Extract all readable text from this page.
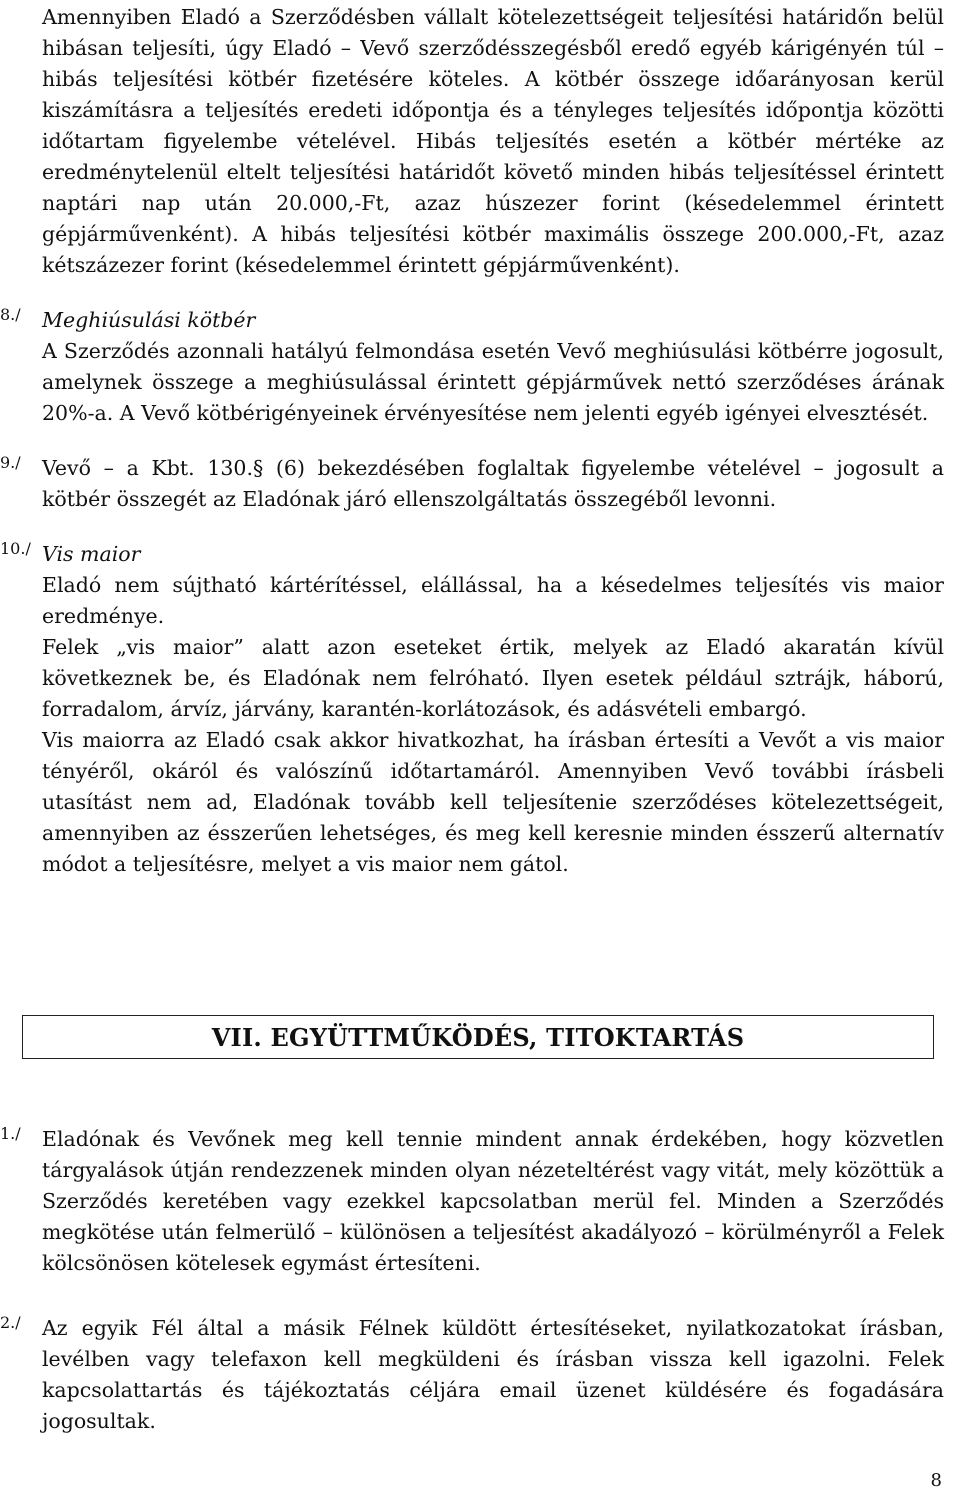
Amennyiben Eladó a Szerződésben vállalt kötelezettségeit teljesítési határidőn belül hibásan teljesíti, úgy Eladó – Vevő szerződésszegésből eredő egyéb kárigényén túl – hibás teljesítési kötbér fizetésére köteles. A kötbér összege időarányosan kerül kiszámításra a teljesítés eredeti időpontja és a tényleges teljesítés időpontja közötti időtartam figyelembe vételével. Hibás teljesítés esetén a kötbér mértéke az eredménytelenül eltelt teljesítési határidőt követő minden hibás teljesítéssel érintett naptári nap után 20.000,-Ft, azaz húszezer forint (késedelemmel érintett gépjárművenként). A hibás teljesítési kötbér maximális összege 200.000,-Ft, azaz kétszázezer forint (késedelemmel érintett gépjárművenként).

8./	Meghiúsulási kötbér

A Szerződés azonnali hatályú felmondása esetén Vevő meghiúsulási kötbérre jogosult, amelynek összege a meghiúsulással érintett gépjárművek nettó szerződéses árának 20%-a. A Vevő kötbérigényeinek érvényesítése nem jelenti egyéb igényei elvesztését.

9./	Vevő – a Kbt. 130.§ (6) bekezdésében foglaltak figyelembe vételével – jogosult a kötbér összegét az Eladónak járó ellenszolgáltatás összegéből levonni.

10./ Vis maior

Eladó nem sújtható kártérítéssel, elállással, ha a késedelmes teljesítés vis maior eredménye.

Felek „vis maior” alatt azon eseteket értik, melyek az Eladó akaratán kívül következnek be, és Eladónak nem felróható. Ilyen esetek például sztrájk, háború, forradalom, árvíz, járvány, karantén-korlátozások, és adásvételi embargó.

Vis maiorra az Eladó csak akkor hivatkozhat, ha írásban értesíti a Vevőt a vis maior tényéről, okáról és valószínű időtartamáról. Amennyiben Vevő további írásbeli utasítást nem ad, Eladónak tovább kell teljesítenie szerződéses kötelezettségeit, amennyiben az ésszerűen lehetséges, és meg kell keresnie minden ésszerű alternatív módot a teljesítésre, melyet a vis maior nem gátol.

VII. EGYÜTTMŰKÖDÉS, TITOKTARTÁS
1./	Eladónak és Vevőnek meg kell tennie mindent annak érdekében, hogy közvetlen tárgyalások útján rendezzenek minden olyan nézeteltérést vagy vitát, mely közöttük a Szerződés keretében vagy ezekkel kapcsolatban merül fel. Minden a Szerződés megkötése után felmerülő – különösen a teljesítést akadályozó – körülményről a Felek kölcsönösen kötelesek egymást értesíteni.

2./	Az egyik Fél által a másik Félnek küldött értesítéseket, nyilatkozatokat írásban, levélben vagy telefaxon kell megküldeni és írásban vissza kell igazolni. Felek kapcsolattartás és tájékoztatás céljára email üzenet küldésére és fogadására jogosultak.

8
